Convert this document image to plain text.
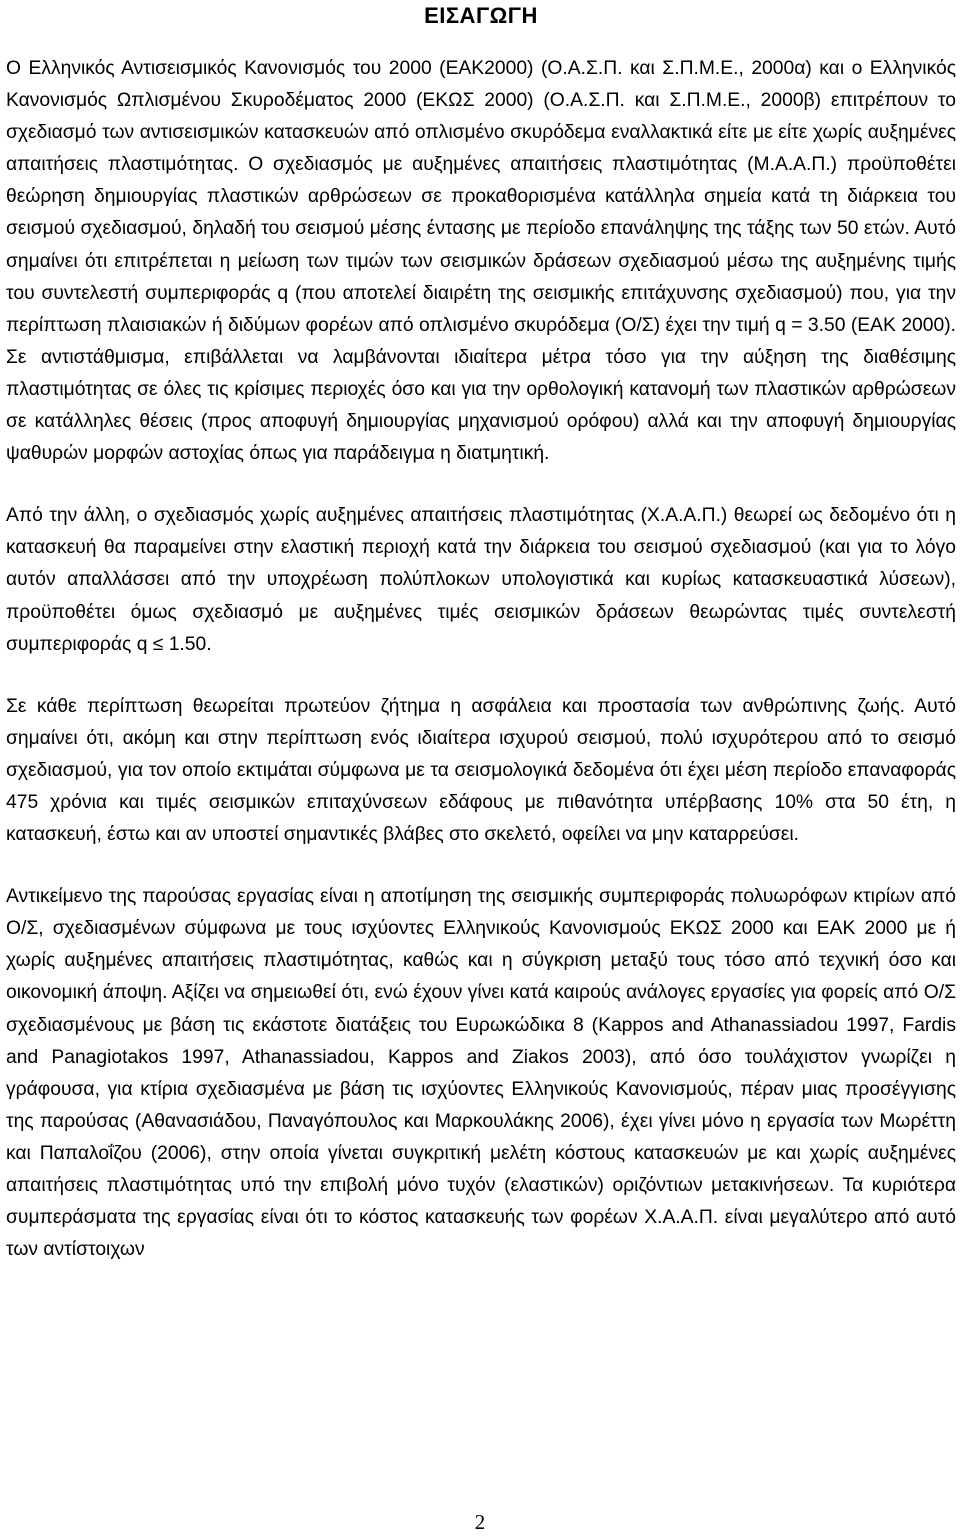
ΕΙΣΑΓΩΓΗ

Ο Ελληνικός Αντισεισμικός Κανονισμός του 2000 (ΕΑΚ2000) (Ο.Α.Σ.Π. και Σ.Π.Μ.Ε., 2000α) και ο Ελληνικός Κανονισμός Ωπλισμένου Σκυροδέματος 2000 (ΕΚΩΣ 2000) (Ο.Α.Σ.Π. και Σ.Π.Μ.Ε., 2000β) επιτρέπουν το σχεδιασμό των αντισεισμικών κατασκευών από οπλισμένο σκυρόδεμα εναλλακτικά είτε με είτε χωρίς αυξημένες απαιτήσεις πλαστιμότητας. Ο σχεδιασμός με αυξημένες απαιτήσεις πλαστιμότητας (Μ.Α.Α.Π.) προϋποθέτει θεώρηση δημιουργίας πλαστικών αρθρώσεων σε προκαθορισμένα κατάλληλα σημεία κατά τη διάρκεια του σεισμού σχεδιασμού, δηλαδή του σεισμού μέσης έντασης με περίοδο επανάληψης της τάξης των 50 ετών. Αυτό σημαίνει ότι επιτρέπεται η μείωση των τιμών των σεισμικών δράσεων σχεδιασμού μέσω της αυξημένης τιμής του συντελεστή συμπεριφοράς q (που αποτελεί διαιρέτη της σεισμικής επιτάχυνσης σχεδιασμού) που, για την περίπτωση πλαισιακών ή διδύμων φορέων από οπλισμένο σκυρόδεμα (Ο/Σ) έχει την τιμή q = 3.50 (ΕΑΚ 2000). Σε αντιστάθμισμα, επιβάλλεται να λαμβάνονται ιδιαίτερα μέτρα τόσο για την αύξηση της διαθέσιμης πλαστιμότητας σε όλες τις κρίσιμες περιοχές όσο και για την ορθολογική κατανομή των πλαστικών αρθρώσεων σε κατάλληλες θέσεις (προς αποφυγή δημιουργίας μηχανισμού ορόφου) αλλά και την αποφυγή δημιουργίας ψαθυρών μορφών αστοχίας όπως για παράδειγμα η διατμητική.

Από την άλλη, ο σχεδιασμός χωρίς αυξημένες απαιτήσεις πλαστιμότητας (Χ.Α.Α.Π.) θεωρεί ως δεδομένο ότι η κατασκευή θα παραμείνει στην ελαστική περιοχή κατά την διάρκεια του σεισμού σχεδιασμού (και για το λόγο αυτόν απαλλάσσει από την υποχρέωση πολύπλοκων υπολογιστικά και κυρίως κατασκευαστικά λύσεων), προϋποθέτει όμως σχεδιασμό με αυξημένες τιμές σεισμικών δράσεων θεωρώντας τιμές συντελεστή συμπεριφοράς q ≤ 1.50.

Σε κάθε περίπτωση θεωρείται πρωτεύον ζήτημα η ασφάλεια και προστασία των ανθρώπινης ζωής. Αυτό σημαίνει ότι, ακόμη και στην περίπτωση ενός ιδιαίτερα ισχυρού σεισμού, πολύ ισχυρότερου από το σεισμό σχεδιασμού, για τον οποίο εκτιμάται σύμφωνα με τα σεισμολογικά δεδομένα ότι έχει μέση περίοδο επαναφοράς 475 χρόνια και τιμές σεισμικών επιταχύνσεων εδάφους με πιθανότητα υπέρβασης 10% στα 50 έτη, η κατασκευή, έστω και αν υποστεί σημαντικές βλάβες στο σκελετό, οφείλει να μην καταρρεύσει.

Αντικείμενο της παρούσας εργασίας είναι η αποτίμηση της σεισμικής συμπεριφοράς πολυωρόφων κτιρίων από Ο/Σ, σχεδιασμένων σύμφωνα με τους ισχύοντες Ελληνικούς Κανονισμούς ΕΚΩΣ 2000 και ΕΑΚ 2000 με ή χωρίς αυξημένες απαιτήσεις πλαστιμότητας, καθώς και η σύγκριση μεταξύ τους τόσο από τεχνική όσο και οικονομική άποψη. Αξίζει να σημειωθεί ότι, ενώ έχουν γίνει κατά καιρούς ανάλογες εργασίες για φορείς από Ο/Σ σχεδιασμένους με βάση τις εκάστοτε διατάξεις του Ευρωκώδικα 8 (Kappos and Athanassiadou 1997, Fardis and Panagiotakos 1997, Athanassiadou, Kappos and Ziakos 2003), από όσο τουλάχιστον γνωρίζει η γράφουσα, για κτίρια σχεδιασμένα με βάση τις ισχύοντες Ελληνικούς Κανονισμούς, πέραν μιας προσέγγισης της παρούσας (Αθανασιάδου, Παναγόπουλος και Μαρκουλάκης 2006), έχει γίνει μόνο η εργασία των Μωρέττη και Παπαλοΐζου (2006), στην οποία γίνεται συγκριτική μελέτη κόστους κατασκευών με και χωρίς αυξημένες απαιτήσεις πλαστιμότητας υπό την επιβολή μόνο τυχόν (ελαστικών) οριζόντιων μετακινήσεων. Τα κυριότερα συμπεράσματα της εργασίας είναι ότι το κόστος κατασκευής των φορέων Χ.Α.Α.Π. είναι μεγαλύτερο από αυτό των αντίστοιχων

2
